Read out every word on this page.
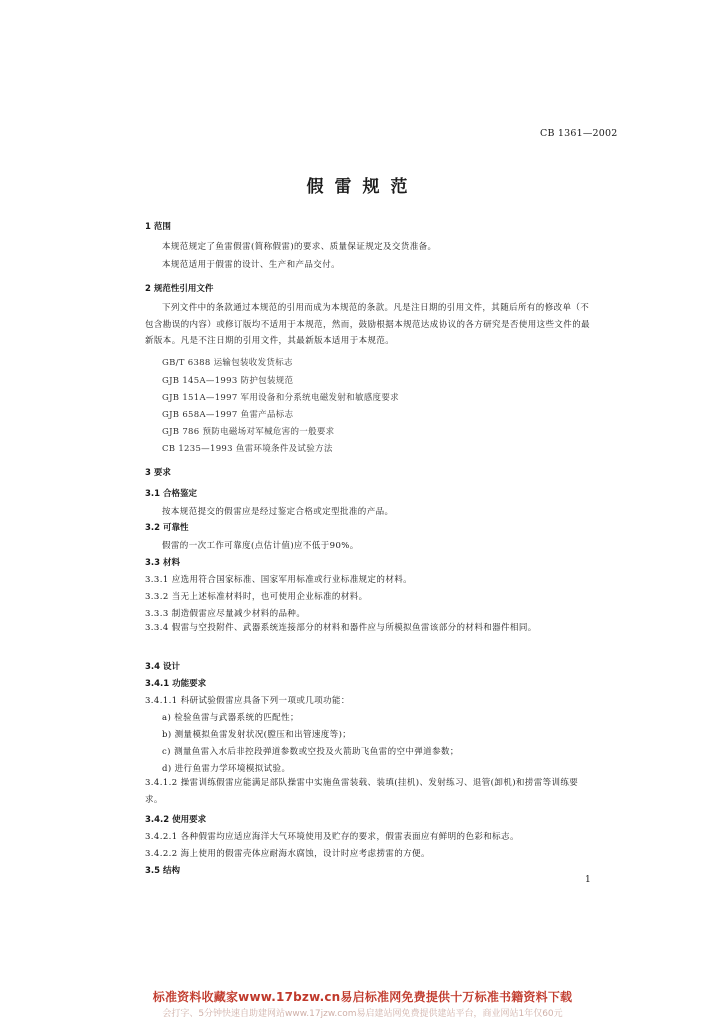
CB 1361—2002
假雷规范
1 范围
本规范规定了鱼雷假雷(简称假雷)的要求、质量保证规定及交货准备。
本规范适用于假雷的设计、生产和产品交付。
2 规范性引用文件
下列文件中的条款通过本规范的引用而成为本规范的条款。凡是注日期的引用文件，其随后所有的修改单（不包含勘误的内容）或修订版均不适用于本规范，然而，鼓励根据本规范达成协议的各方研究是否使用这些文件的最新版本。凡是不注日期的引用文件，其最新版本适用于本规范。
GB/T 6388 运输包装收发货标志
GJB 145A—1993 防护包装规范
GJB 151A—1997 军用设备和分系统电磁发射和敏感度要求
GJB 658A—1997 鱼雷产品标志
GJB 786 预防电磁场对军械危害的一般要求
CB 1235—1993 鱼雷环境条件及试验方法
3 要求
3.1 合格鉴定
按本规范提交的假雷应是经过鉴定合格或定型批准的产品。
3.2 可靠性
假雷的一次工作可靠度(点估计值)应不低于90%。
3.3 材料
3.3.1 应选用符合国家标准、国家军用标准或行业标准规定的材料。
3.3.2 当无上述标准材料时，也可使用企业标准的材料。
3.3.3 制造假雷应尽量减少材料的品种。
3.3.4 假雷与空投附件、武器系统连接部分的材料和器件应与所模拟鱼雷该部分的材料和器件相同。
3.4 设计
3.4.1 功能要求
3.4.1.1 科研试验假雷应具备下列一项或几项功能：
a) 检验鱼雷与武器系统的匹配性；
b) 测量模拟鱼雷发射状况(膛压和出管速度等)；
c) 测量鱼雷入水后非控段弹道参数或空投及火箭助飞鱼雷的空中弹道参数；
d) 进行鱼雷力学环境模拟试验。
3.4.1.2 操雷训练假雷应能满足部队操雷中实施鱼雷装载、装填(挂机)、发射练习、退管(卸机)和捞雷等训练要求。
3.4.2 使用要求
3.4.2.1 各种假雷均应适应海洋大气环境使用及贮存的要求，假雷表面应有鲜明的色彩和标志。
3.4.2.2 海上使用的假雷壳体应耐海水腐蚀，设计时应考虑捞雷的方便。
3.5 结构
1
标准资料收藏家www.17bzw.cn易启标准网免费提供十万标准书籍资料下载
会打字、5分钟快速自助建网站www.17jzw.com易启建站网免费提供建站平台，商业网站1年仅60元
